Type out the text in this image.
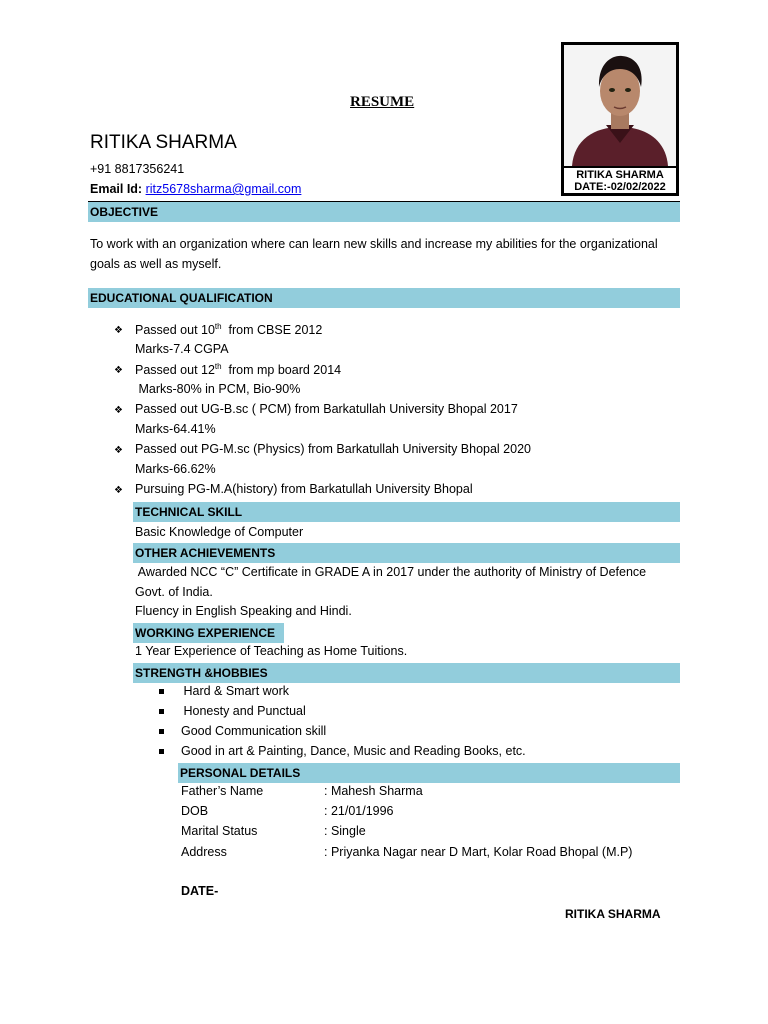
RESUME
RITIKA SHARMA
+91 8817356241
Email Id: ritz5678sharma@gmail.com
RITIKA SHARMA
DATE:-02/02/2022
OBJECTIVE
To work with an organization where can learn new skills and increase my abilities for the organizational
goals as well as myself.
EDUCATIONAL QUALIFICATION
❖ Passed out 10th  from CBSE 2012
Marks-7.4 CGPA
❖ Passed out 12th  from mp board 2014
Marks-80% in PCM, Bio-90%
❖ Passed out UG-B.sc ( PCM) from Barkatullah University Bhopal 2017
Marks-64.41%
❖ Passed out PG-M.sc (Physics) from Barkatullah University Bhopal 2020
Marks-66.62%
❖ Pursuing PG-M.A(history) from Barkatullah University Bhopal
TECHNICAL SKILL
Basic Knowledge of Computer
OTHER ACHIEVEMENTS
Awarded NCC “C” Certificate in GRADE A in 2017 under the authority of Ministry of Defence
Govt. of India.
Fluency in English Speaking and Hindi.
WORKING EXPERIENCE
1 Year Experience of Teaching as Home Tuitions.
STRENGTH &HOBBIES
Hard & Smart work
Honesty and Punctual
Good Communication skill
Good in art & Painting, Dance, Music and Reading Books, etc.
PERSONAL DETAILS
Father’s Name	: Mahesh Sharma
DOB	: 21/01/1996
Marital Status	: Single
Address	: Priyanka Nagar near D Mart, Kolar Road Bhopal (M.P)
DATE-
RITIKA SHARMA
